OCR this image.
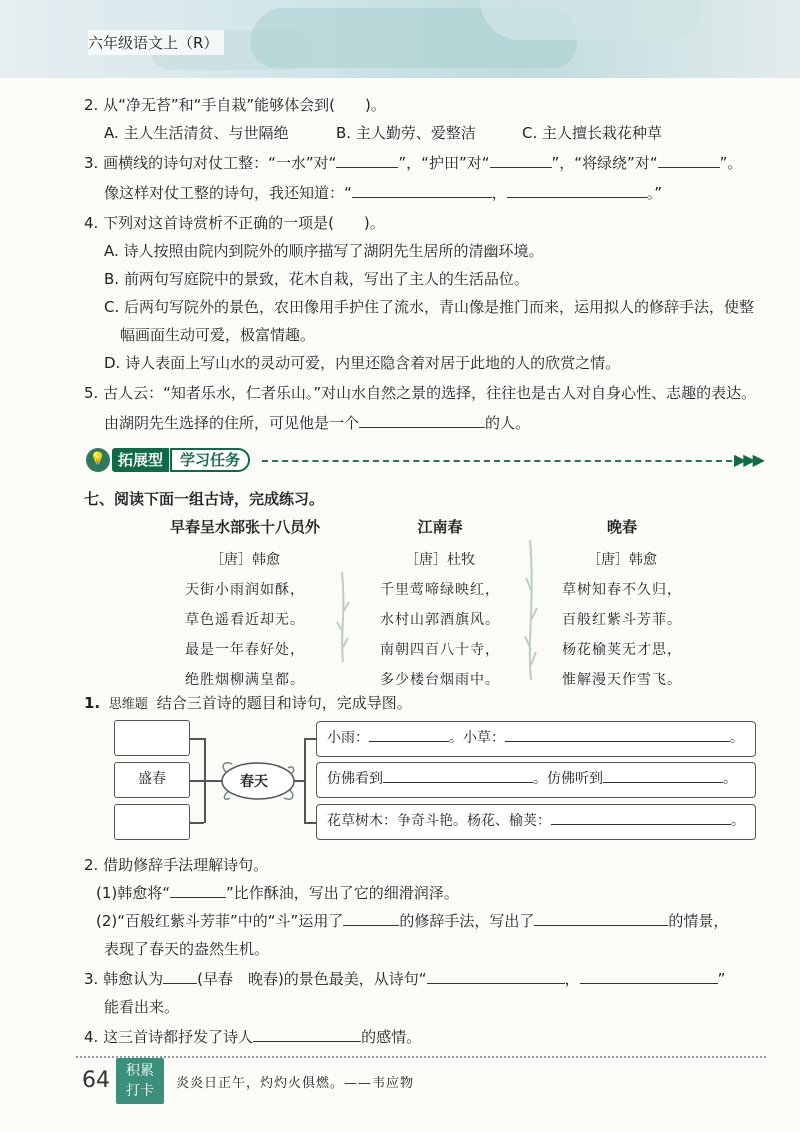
六年级语文上（R）
2. 从“净无苔”和“手自栽”能够体会到(　　)。
A. 主人生活清贫、与世隔绝	B. 主人勤劳、爱整洁	C. 主人擅长栽花种草
3. 画横线的诗句对仗工整：“一水”对“	”，“护田”对“	”，“将绿绕”对“	”。
像这样对仗工整的诗句，我还知道：“	，	。”
4. 下列对这首诗赏析不正确的一项是(　　)。
A. 诗人按照由院内到院外的顺序描写了湖阴先生居所的清幽环境。
B. 前两句写庭院中的景致，花木自栽，写出了主人的生活品位。
C. 后两句写院外的景色，农田像用手护住了流水，青山像是推门而来，运用拟人的修辞手法，使整
幅画面生动可爱，极富情趣。
D. 诗人表面上写山水的灵动可爱，内里还隐含着对居于此地的人的欣赏之情。
5. 古人云：“知者乐水，仁者乐山。”对山水自然之景的选择，往往也是古人对自身心性、志趣的表达。
由湖阴先生选择的住所，可见他是一个	的人。
💡 拓展型	学习任务	▶▶▶
七、阅读下面一组古诗，完成练习。
早春呈水部张十八员外
［唐］韩愈
天街小雨润如酥，
草色遥看近却无。
最是一年春好处，
绝胜烟柳满皇都。
江南春
［唐］杜牧
千里莺啼绿映红，
水村山郭酒旗风。
南朝四百八十寺，
多少楼台烟雨中。
晚春
［唐］韩愈
草树知春不久归，
百般红紫斗芳菲。
杨花榆荚无才思，
惟解漫天作雪飞。
1. 思维题 结合三首诗的题目和诗句，完成导图。
盛春	春天
小雨：	。小草：	。
仿佛看到	。仿佛听到	。
花草树木：争奇斗艳。杨花、榆荚：	。
2. 借助修辞手法理解诗句。
(1)韩愈将“	”比作酥油，写出了它的细滑润泽。
(2)“百般红紫斗芳菲”中的“斗”运用了	的修辞手法，写出了	的情景，
表现了春天的盎然生机。
3. 韩愈认为 (早春　晚春)的景色最美，从诗句“	，	”
能看出来。
4. 这三首诗都抒发了诗人	的感情。
64	积累
打卡	炎炎日正午，灼灼火俱燃。——韦应物
